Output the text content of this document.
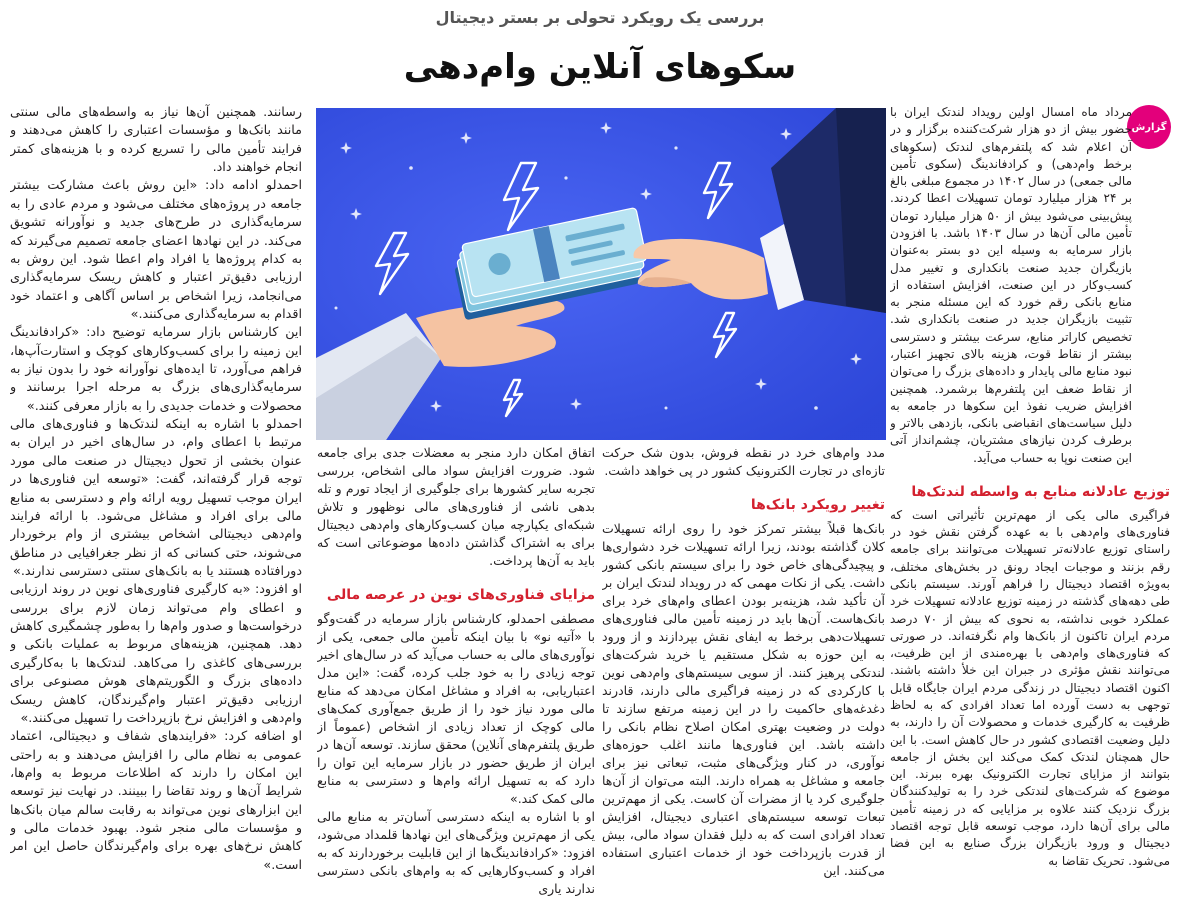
بررسی یک رویکرد تحولی بر بستر دیجیتال
سکوهای آنلاین وام‌دهی
گزارش

مرداد ماه امسال اولین رویداد لندتک ایران با حضور بیش از دو هزار شرکت‌کننده برگزار و در آن اعلام شد که پلتفرم‌های لندتک (سکوهای برخط وام‌دهی) و کرادفاندینگ (سکوی تأمین مالی جمعی) در سال ۱۴۰۲ در مجموع مبلغی بالغ بر ۲۴ هزار میلیارد تومان تسهیلات اعطا کردند. پیش‌بینی می‌شود بیش از ۵۰ هزار میلیارد تومان تأمین مالی آن‌ها در سال ۱۴۰۳ باشد. با افزودن بازار سرمایه به وسیله این دو بستر به‌عنوان بازیگران جدید صنعت بانکداری و تغییر مدل کسب‌وکار در این صنعت، افزایش استفاده از منابع بانکی رقم خورد که این مسئله منجر به تثبیت بازیگران جدید در صنعت بانکداری شد. تخصیص کاراتر منابع، سرعت بیشتر و دسترسی بیشتر از نقاط قوت، هزینه بالای تجهیز اعتبار، نبود منابع مالی پایدار و داده‌های بزرگ را می‌توان از نقاط ضعف این پلتفرم‌ها برشمرد. همچنین افزایش ضریب نفوذ این سکوها در جامعه به دلیل سیاست‌های انقباضی بانکی، بازدهی بالاتر و برطرف کردن نیازهای مشتریان، چشم‌انداز آتی این صنعت نوپا به حساب می‌آید.

توزیع عادلانه منابع به واسطه لندتک‌ها

فراگیری مالی یکی از مهم‌ترین تأثیراتی است که فناوری‌های وام‌دهی با به عهده گرفتن نقش خود در راستای توزیع عادلانه‌تر تسهیلات می‌توانند برای جامعه رقم بزنند و موجبات ایجاد رونق در بخش‌های مختلف، به‌ویژه اقتصاد دیجیتال را فراهم آورند. سیستم بانکی طی دهه‌های گذشته در زمینه توزیع عادلانه تسهیلات خرد عملکرد خوبی نداشته، به نحوی که بیش از ۷۰ درصد مردم ایران تاکنون از بانک‌ها وام نگرفته‌اند. در صورتی که فناوری‌های وام‌دهی با بهره‌مندی از این ظرفیت، می‌توانند نقش مؤثری در جبران این خلأ داشته باشند. اکنون اقتصاد دیجیتال در زندگی مردم ایران جایگاه قابل توجهی به دست آورده اما تعداد افرادی که به لحاظ ظرفیت به کارگیری خدمات و محصولات آن را دارند، به دلیل وضعیت اقتصادی کشور در حال کاهش است. با این حال همچنان لندتک کمک می‌کند این بخش از جامعه بتوانند از مزایای تجارت الکترونیک بهره ببرند. این موضوع که شرکت‌های لندتکی خرد را به تولیدکنندگان بزرگ نزدیک کنند علاوه بر مزایایی که در زمینه تأمین مالی برای آن‌ها دارد، موجب توسعه قابل توجه اقتصاد دیجیتال و ورود بازیگران بزرگ صنایع به این فضا می‌شود. تحریک تقاضا به

مدد وام‌های خرد در نقطه فروش، بدون شک حرکت تازه‌ای در تجارت الکترونیک کشور در پی خواهد داشت.

تغییر رویکرد بانک‌ها

بانک‌ها قبلاً بیشتر تمرکز خود را روی ارائه تسهیلات کلان گذاشته بودند، زیرا ارائه تسهیلات خرد دشواری‌ها و پیچیدگی‌های خاص خود را برای سیستم بانکی کشور داشت. یکی از نکات مهمی که در رویداد لندتک ایران بر آن تأکید شد، هزینه‌بر بودن اعطای وام‌های خرد برای بانک‌هاست. آن‌ها باید در زمینه تأمین مالی فناوری‌های تسهیلات‌دهی برخط به ایفای نقش بپردازند و از ورود به این حوزه به شکل مستقیم یا خرید شرکت‌های لندتکی پرهیز کنند. از سویی سیستم‌های وام‌دهی نوین با کارکردی که در زمینه فراگیری مالی دارند، قادرند دغدغه‌های حاکمیت را در این زمینه مرتفع سازند تا دولت در وضعیت بهتری امکان اصلاح نظام بانکی را داشته باشد. این فناوری‌ها مانند اغلب حوزه‌های نوآوری، در کنار ویژگی‌های مثبت، تبعاتی نیز برای جامعه و مشاغل به همراه دارند. البته می‌توان از آن‌ها جلوگیری کرد یا از مضرات آن کاست. یکی از مهم‌ترین تبعات توسعه سیستم‌های اعتباری دیجیتال، افزایش تعداد افرادی است که به دلیل فقدان سواد مالی، بیش از قدرت بازپرداخت خود از خدمات اعتباری استفاده می‌کنند. این

اتفاق امکان دارد منجر به معضلات جدی برای جامعه شود. ضرورت افزایش سواد مالی اشخاص، بررسی تجربه سایر کشورها برای جلوگیری از ایجاد تورم و تله بدهی ناشی از فناوری‌های مالی نوظهور و تلاش شبکه‌ای یکپارچه میان کسب‌وکارهای وام‌دهی دیجیتال برای به اشتراک گذاشتن داده‌ها موضوعاتی است که باید به آن‌ها پرداخت.

مزایای فناوری‌های نوین در عرصه مالی

مصطفی احمدلو، کارشناس بازار سرمایه در گفت‌وگو با «آتیه نو» با بیان اینکه تأمین مالی جمعی، یکی از نوآوری‌های مالی به حساب می‌آید که در سال‌های اخیر توجه زیادی را به خود جلب کرده، گفت: «این مدل اعتباریابی، به افراد و مشاغل امکان می‌دهد که منابع مالی مورد نیاز خود را از طریق جمع‌آوری کمک‌های مالی کوچک از تعداد زیادی از اشخاص (عموماً از طریق پلتفرم‌های آنلاین) محقق سازند. توسعه آن‌ها در ایران از طریق حضور در بازار سرمایه این توان را دارد که به تسهیل ارائه وام‌ها و دسترسی به منابع مالی کمک کند.»

او با اشاره به اینکه دسترسی آسان‌تر به منابع مالی یکی از مهم‌ترین ویژگی‌های این نهادها قلمداد می‌شود، افزود: «کرادفاندینگ‌ها از این قابلیت برخوردارند که به افراد و کسب‌وکارهایی که به وام‌های بانکی دسترسی ندارند یاری

رسانند. همچنین آن‌ها نیاز به واسطه‌های مالی سنتی مانند بانک‌ها و مؤسسات اعتباری را کاهش می‌دهند و فرایند تأمین مالی را تسریع کرده و با هزینه‌های کمتر انجام خواهند داد.

احمدلو ادامه داد: «این روش باعث مشارکت بیشتر جامعه در پروژه‌های مختلف می‌شود و مردم عادی را به سرمایه‌گذاری در طرح‌های جدید و نوآورانه تشویق می‌کند. در این نهادها اعضای جامعه تصمیم می‌گیرند که به کدام پروژه‌ها یا افراد وام اعطا شود. این روش به ارزیابی دقیق‌تر اعتبار و کاهش ریسک سرمایه‌گذاری می‌انجامد، زیرا اشخاص بر اساس آگاهی و اعتماد خود اقدام به سرمایه‌گذاری می‌کنند.»

این کارشناس بازار سرمایه توضیح داد: «کرادفاندینگ این زمینه را برای کسب‌وکارهای کوچک و استارت‌آپ‌ها، فراهم می‌آورد، تا ایده‌های نوآورانه خود را بدون نیاز به سرمایه‌گذاری‌های بزرگ به مرحله اجرا برسانند و محصولات و خدمات جدیدی را به بازار معرفی کنند.»

احمدلو با اشاره به اینکه لندتک‌ها و فناوری‌های مالی مرتبط با اعطای وام، در سال‌های اخیر در ایران به عنوان بخشی از تحول دیجیتال در صنعت مالی مورد توجه قرار گرفته‌اند، گفت: «توسعه این فناوری‌ها در ایران موجب تسهیل رویه ارائه وام و دسترسی به منابع مالی برای افراد و مشاغل می‌شود. با ارائه فرایند وام‌دهی دیجیتالی اشخاص بیشتری از وام برخوردار می‌شوند، حتی کسانی که از نظر جغرافیایی در مناطق دورافتاده هستند یا به بانک‌های سنتی دسترسی ندارند.»

او افزود: «به کارگیری فناوری‌های نوین در روند ارزیابی و اعطای وام می‌تواند زمان لازم برای بررسی درخواست‌ها و صدور وام‌ها را به‌طور چشمگیری کاهش دهد. همچنین، هزینه‌های مربوط به عملیات بانکی و بررسی‌های کاغذی را می‌کاهد. لندتک‌ها با به‌کارگیری داده‌های بزرگ و الگوریتم‌های هوش مصنوعی برای ارزیابی دقیق‌تر اعتبار وام‌گیرندگان، کاهش ریسک وام‌دهی و افزایش نرخ بازپرداخت را تسهیل می‌کنند.»

او اضافه کرد: «فرایندهای شفاف و دیجیتالی، اعتماد عمومی به نظام مالی را افزایش می‌دهند و به راحتی این امکان را دارند که اطلاعات مربوط به وام‌ها، شرایط آن‌ها و روند تقاضا را ببینند. در نهایت نیز توسعه این ابزارهای نوین می‌تواند به رقابت سالم میان بانک‌ها و مؤسسات مالی منجر شود. بهبود خدمات مالی و کاهش نرخ‌های بهره برای وام‌گیرندگان حاصل این امر است.»
